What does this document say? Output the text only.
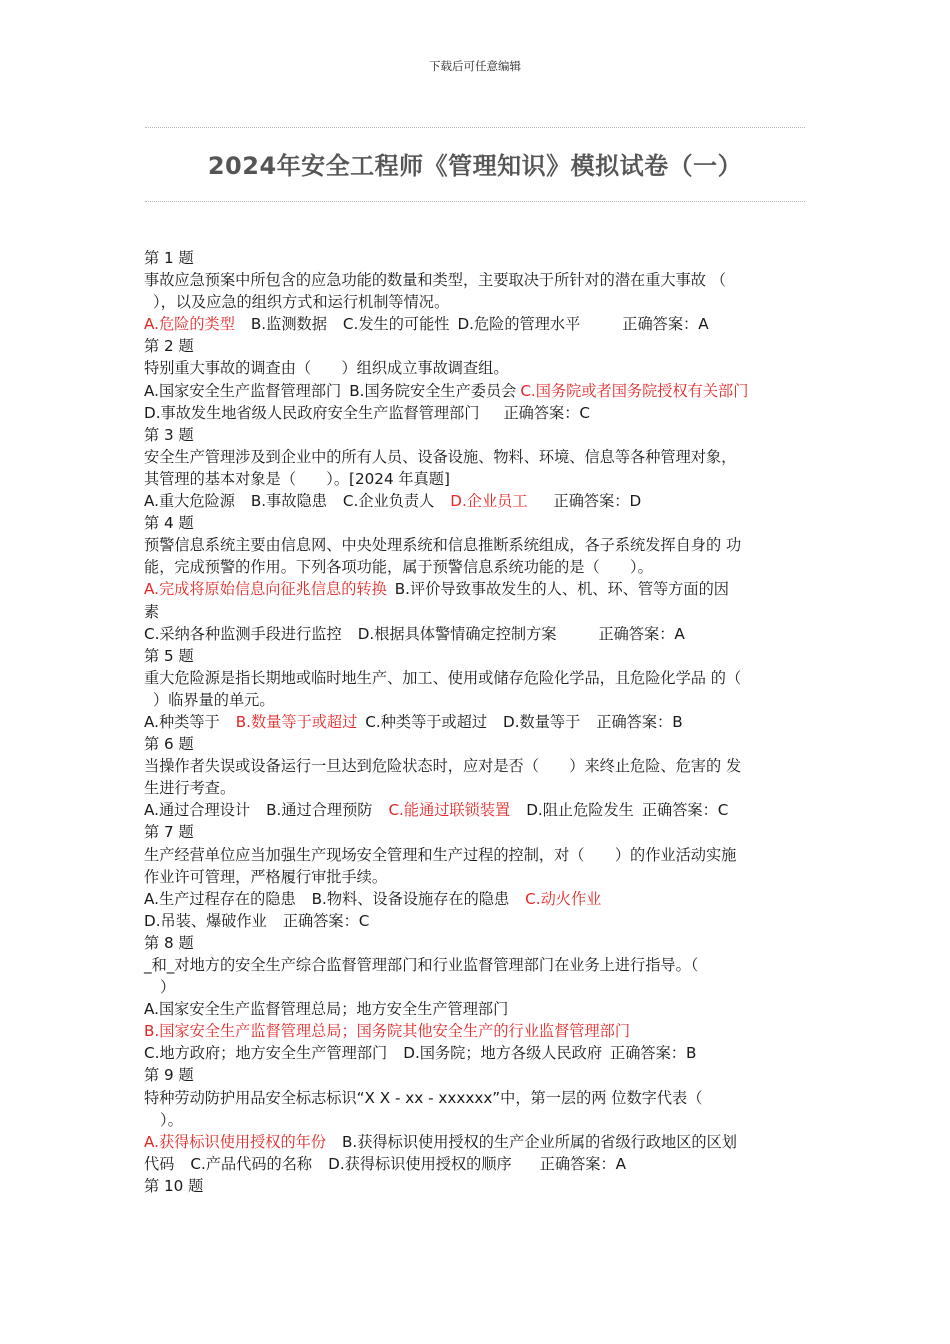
下载后可任意编辑
2024年安全工程师《管理知识》模拟试卷（一）
第 1 题
事故应急预案中所包含的应急功能的数量和类型，主要取决于所针对的潜在重大事故 （
），以及应急的组织方式和运行机制等情况。
A.危险的类型 B.监测数据 C.发生的可能性 D.危险的管理水平	正确答案：A
第 2 题
特别重大事故的调查由（　　）组织成立事故调查组。
A.国家安全生产监督管理部门 B.国务院安全生产委员会 C.国务院或者国务院授权有关部门
D.事故发生地省级人民政府安全生产监督管理部门 正确答案：C
第 3 题
安全生产管理涉及到企业中的所有人员、设备设施、物料、环境、信息等各种管理对象，
其管理的基本对象是（　　）。[2024 年真题]
A.重大危险源 B.事故隐患 C.企业负责人 D.企业员工 正确答案：D
第 4 题
预警信息系统主要由信息网、中央处理系统和信息推断系统组成，各子系统发挥自身的 功
能，完成预警的作用。下列各项功能，属于预警信息系统功能的是（　　）。
A.完成将原始信息向征兆信息的转换 B.评价导致事故发生的人、机、环、管等方面的因
素
C.采纳各种监测手段进行监控 D.根据具体警情确定控制方案	正确答案：A
第 5 题
重大危险源是指长期地或临时地生产、加工、使用或储存危险化学品，且危险化学品 的（
）临界量的单元。
A.种类等于 B.数量等于或超过 C.种类等于或超过 D.数量等于 正确答案：B
第 6 题
当操作者失误或设备运行一旦达到危险状态时，应对是否（　　）来终止危险、危害的 发
生进行考查。
A.通过合理设计 B.通过合理预防 C.能通过联锁装置 D.阻止危险发生 正确答案：C
第 7 题
生产经营单位应当加强生产现场安全管理和生产过程的控制，对（　　）的作业活动实施
作业许可管理，严格履行审批手续。
A.生产过程存在的隐患 B.物料、设备设施存在的隐患 C.动火作业
D.吊装、爆破作业 正确答案：C
第 8 题
_和_对地方的安全生产综合监督管理部门和行业监督管理部门在业务上进行指导。（
）
A.国家安全生产监督管理总局；地方安全生产管理部门
B.国家安全生产监督管理总局；国务院其他安全生产的行业监督管理部门
C.地方政府；地方安全生产管理部门 D.国务院；地方各级人民政府 正确答案：B
第 9 题
特种劳动防护用品安全标志标识“X X - xx - xxxxxx”中，第一层的两 位数字代表（
）。
A.获得标识使用授权的年份 B.获得标识使用授权的生产企业所属的省级行政地区的区划
代码 C.产品代码的名称 D.获得标识使用授权的顺序 正确答案：A
第 10 题
